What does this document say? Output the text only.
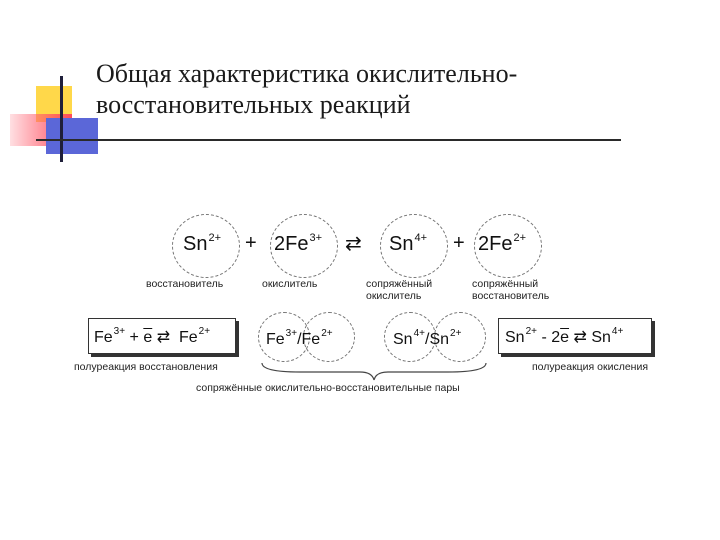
Общая характеристика окислительно-
восстановительных реакций
$Sn^{2+} + 2Fe^{3+}$ ⇄ $Sn^{4+} + 2Fe^{2+}$
восстановитель	окислитель	сопряжённый
окислитель
сопряжённый
восстановитель
$Fe^{3+} + \overline{e}$ ⇄ $Fe^{2+}$
полуреакция восстановления
$Fe^{3+}/Fe^{2+}$	$Sn^{4+}/Sn^{2+}$
сопряжённые окислительно-восстановительные пары
$Sn^{2+} - 2\overline{e}$ ⇄ $Sn^{4+}$
полуреакция окисления
